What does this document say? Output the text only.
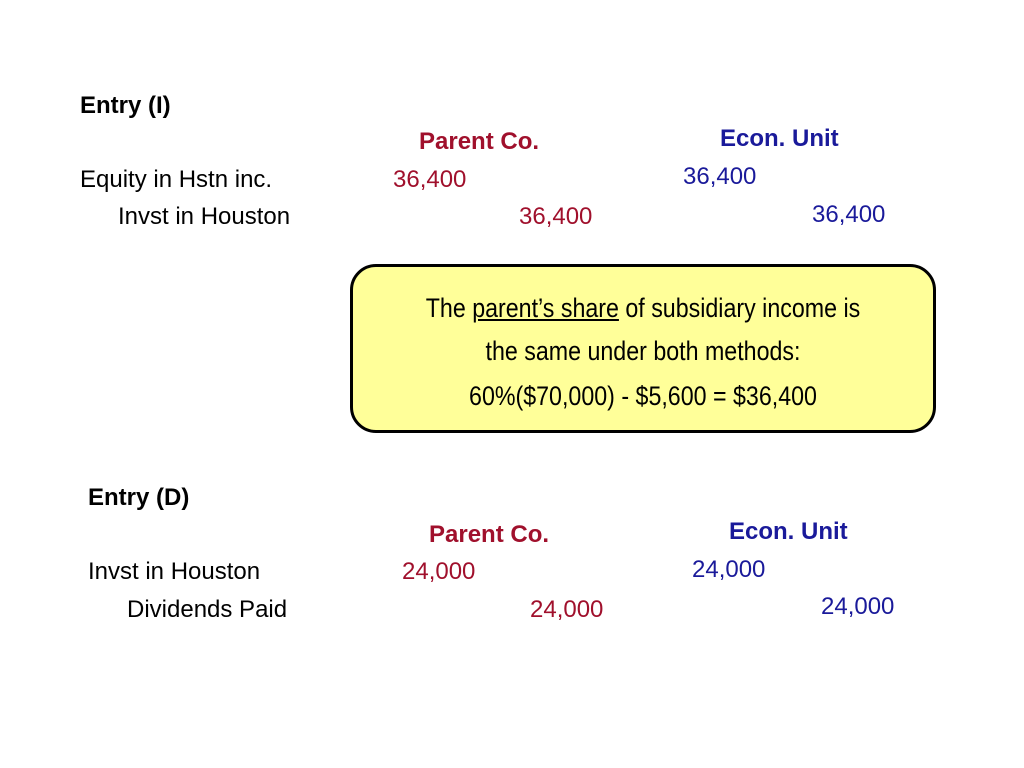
Entry (I)
Parent Co.	Econ. Unit
Equity in Hstn inc.
Invst in Houston
36,400
36,400
36,400
36,400
The parent’s share of subsidiary income is
the same under both methods:
60%($70,000) - $5,600 = $36,400
Entry (D)
Parent Co.	Econ. Unit
Invst in Houston
Dividends Paid
24,000
24,000
24,000
24,000
